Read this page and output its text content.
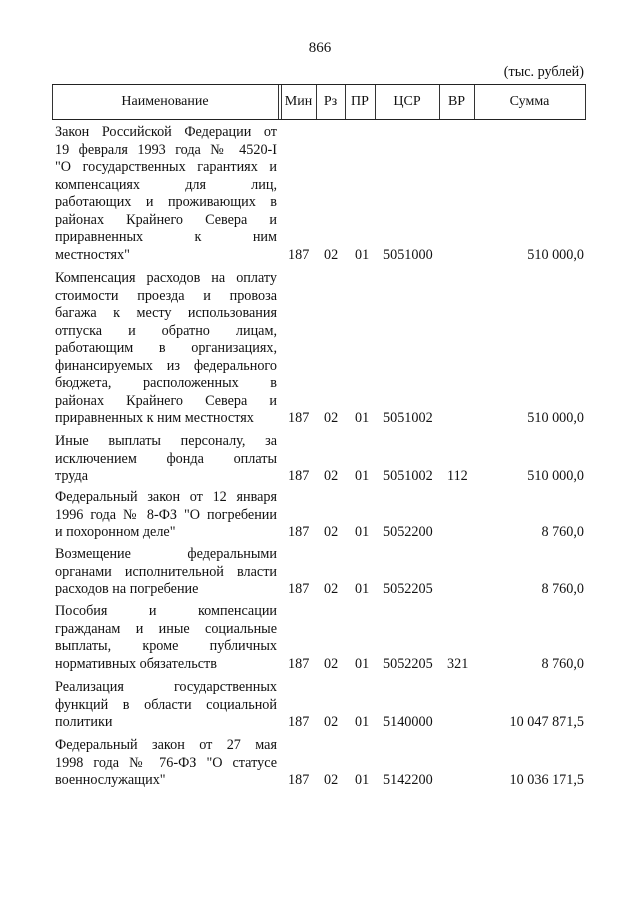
866
(тыс. рублей)
Наименование	Мин Рз ПР	ЦСР	ВР	Сумма
Закон Российской Федерации от
19 февраля 1993 года № 4520-I
"О государственных гарантиях и
компенсациях для лиц,
работающих и проживающих в
районах Крайнего Севера и
приравненных к ним
местностях"	187 02 01 5051000	510 000,0
Компенсация расходов на оплату
стоимости проезда и провоза
багажа к месту использования
отпуска и обратно лицам,
работающим в организациях,
финансируемых из федерального
бюджета, расположенных в
районах Крайнего Севера и
приравненных к ним местностях	187 02 01 5051002	510 000,0
Иные выплаты персоналу, за
исключением фонда оплаты
труда	187 02 01 5051002 112	510 000,0
Федеральный закон от 12 января
1996 года № 8-ФЗ "О погребении
и похоронном деле"	187 02 01 5052200	8 760,0
Возмещение федеральными
органами исполнительной власти
расходов на погребение	187 02 01 5052205	8 760,0
Пособия и компенсации
гражданам и иные социальные
выплаты, кроме публичных
нормативных обязательств	187 02 01 5052205 321	8 760,0
Реализация государственных
функций в области социальной
политики	187 02 01 5140000	10 047 871,5
Федеральный закон от 27 мая
1998 года № 76-ФЗ "О статусе
военнослужащих"	187 02 01 5142200	10 036 171,5
